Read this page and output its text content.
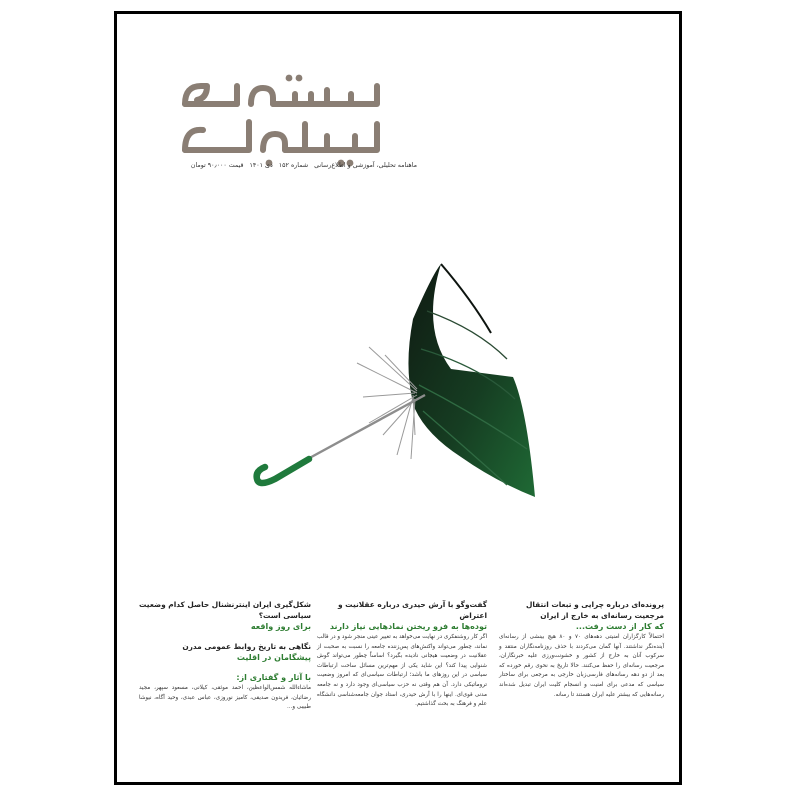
ماهنامه تحلیلی، آموزشی و اطلاع‌رسانی شماره ۱۵۲ دی ۱۴۰۱ قیمت ۹۰٫۰۰۰ تومان
پرونده‌ای درباره چرایی و تبعات انتقال مرجعیت رسانه‌ای به خارج از ایران
که کار از دست رفت...

احتمالاً کارگزاران امنیتی دهه‌های ۷۰ و ۸۰ هیچ بینشی از رسانه‌ای آینده‌نگر نداشتند. آنها گمان می‌کردند با حذف روزنامه‌نگاران منتقد و سرکوب آنان به خارج از کشور و خشونت‌ورزی علیه خبرنگاران، مرجعیت رسانه‌ای را حفظ می‌کنند. حالا تاریخ به نحوی رقم خورده که بعد از دو دهه رسانه‌های فارسی‌زبان خارجی به مرجعی برای ساختار سیاسی که مدعی برای امنیت و انسجام کلیت ایران تبدیل شده‌اند رسانه‌هایی که بیشتر علیه ایران هستند تا رسانه.

گفت‌وگو با آرش حیدری درباره عقلانیت و اعتراض
توده‌ها به فرو ریختن نمادهایی نیاز دارند

اگر کار روشنفکری در نهایت می‌خواهد به تغییر عینی منجر شود و در قالب نماند، چطور می‌تواند واکنش‌های پس‌زننده جامعه را نسبت به صحبت از عقلانیت در وضعیت هیجانی نادیده بگیرد؟ اساساً چطور می‌تواند گوش شنوایی پیدا کند؟ این شاید یکی از مهم‌ترین مسائل ساحت ارتباطات سیاسی در این روزهای ما باشد؛ ارتباطات سیاسی‌ای که امروز وضعیت تروماتیکی دارد. آن هم وقتی نه حزب سیاسی‌ای وجود دارد و نه جامعه مدنی قوی‌ای. اینها را با آرش حیدری، استاد جوان جامعه‌شناسی دانشگاه علم و فرهنگ به بحث گذاشتیم.

شکل‌گیری ایران اینترنشنال حاصل کدام وضعیت سیاسی است؟
برای روز واقعه
نگاهی به تاریخ روابط عمومی مدرن
پیشگامان در اقلیت
با آثار و گفتاری از:

ماشاءالله شمس‌الواعظین، احمد موثقی، کیلانی، مسعود سپهر، مجید رضائیان، فریدون صدیقی، کامیز نوروزی، عباس عبدی، وحید آگاه، نیوشا طبیبی و...
